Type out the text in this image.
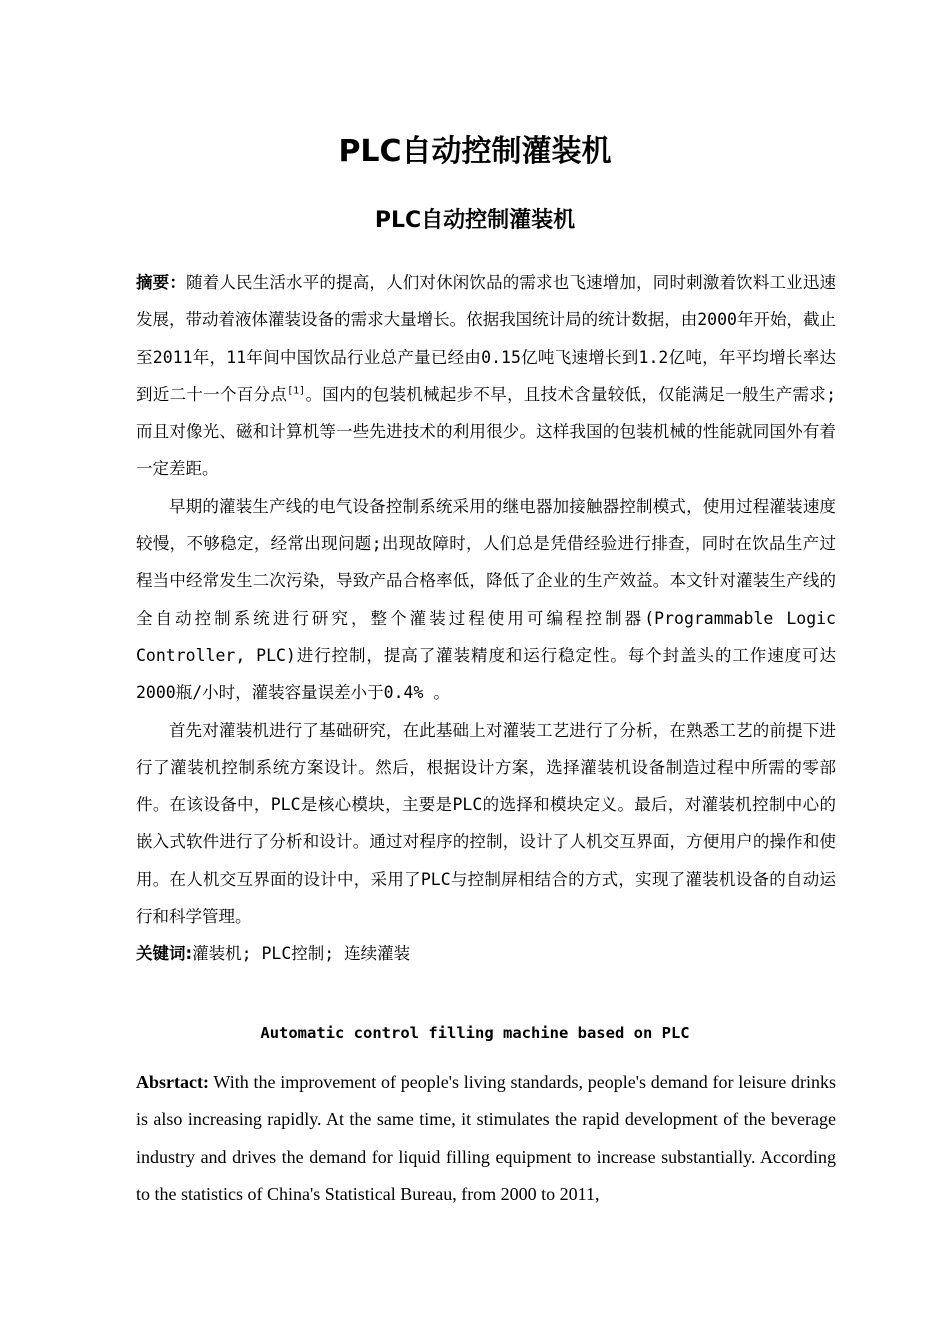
PLC自动控制灌装机
PLC自动控制灌装机

摘要：随着人民生活水平的提高，人们对休闲饮品的需求也飞速增加，同时刺激着饮料工业迅速发展，带动着液体灌装设备的需求大量增长。依据我国统计局的统计数据，由2000年开始，截止至2011年，11年间中国饮品行业总产量已经由0.15亿吨飞速增长到1.2亿吨，年平均增长率达到近二十一个百分点[1]。国内的包装机械起步不早，且技术含量较低，仅能满足一般生产需求;而且对像光、磁和计算机等一些先进技术的利用很少。这样我国的包装机械的性能就同国外有着一定差距。

早期的灌装生产线的电气设备控制系统采用的继电器加接触器控制模式，使用过程灌装速度较慢，不够稳定，经常出现问题;出现故障时，人们总是凭借经验进行排查，同时在饮品生产过程当中经常发生二次污染，导致产品合格率低，降低了企业的生产效益。本文针对灌装生产线的全自动控制系统进行研究，整个灌装过程使用可编程控制器(Programmable Logic Controller, PLC)进行控制，提高了灌装精度和运行稳定性。每个封盖头的工作速度可达2000瓶/小时，灌装容量误差小于0.4% 。

首先对灌装机进行了基础研究，在此基础上对灌装工艺进行了分析，在熟悉工艺的前提下进行了灌装机控制系统方案设计。然后，根据设计方案，选择灌装机设备制造过程中所需的零部件。在该设备中，PLC是核心模块，主要是PLC的选择和模块定义。最后，对灌装机控制中心的嵌入式软件进行了分析和设计。通过对程序的控制，设计了人机交互界面，方便用户的操作和使用。在人机交互界面的设计中，采用了PLC与控制屏相结合的方式，实现了灌装机设备的自动运行和科学管理。

关键词:灌装机; PLC控制; 连续灌装

Automatic control filling machine based on PLC

Absrtact: With the improvement of people's living standards, people's demand for leisure drinks is also increasing rapidly. At the same time, it stimulates the rapid development of the beverage industry and drives the demand for liquid filling equipment to increase substantially. According to the statistics of China's Statistical Bureau, from 2000 to 2011,
